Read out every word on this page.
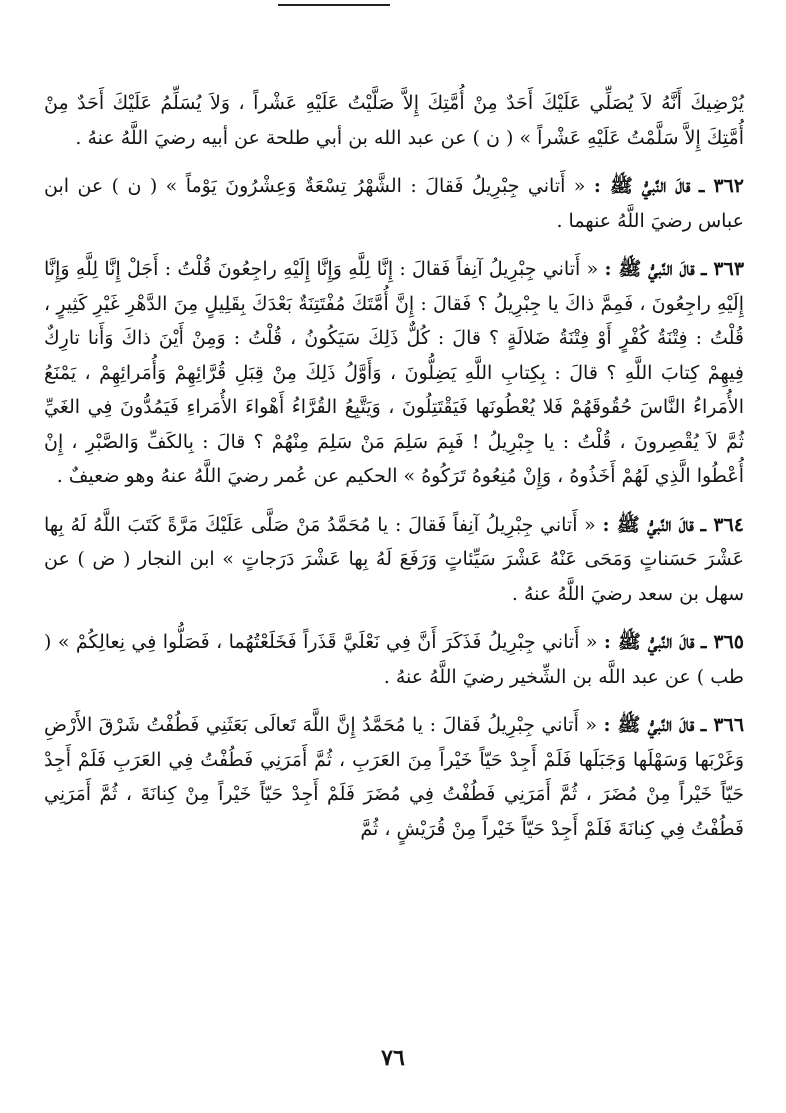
يُرْضِيكَ أَنَّهُ لاَ يُصَلِّي عَلَيْكَ أَحَدٌ مِنْ أُمَّتِكَ إِلاَّ صَلَّيْتُ عَلَيْهِ عَشْراً ، وَلاَ يُسَلِّمُ عَلَيْكَ أَحَدٌ مِنْ أُمَّتِكَ إِلاَّ سَلَّمْتُ عَلَيْهِ عَشْراً » ( ن ) عن عبد الله بن أبي طلحة عن أبيه رضيَ اللَّهُ عنهُ .

٣٦٢ ـ قالَ النَّبيُّ ﷺ : « أَتاني جِبْرِيلُ فَقالَ : الشَّهْرُ تِسْعَةٌ وَعِشْرُونَ يَوْماً » ( ن ) عن ابن عباس رضيَ اللَّهُ عنهما .

٣٦٣ ـ قالَ النَّبيُّ ﷺ : « أَتاني جِبْرِيلُ آنِفاً فَقالَ : إِنَّا لِلَّهِ وَإِنَّا إِلَيْهِ راجِعُونَ قُلْتُ : أَجَلْ إِنَّا لِلَّهِ وَإِنَّا إِلَيْهِ راجِعُونَ ، فَمِمَّ ذاكَ يا جِبْرِيلُ ؟ فَقالَ : إِنَّ أُمَّتَكَ مُفْتَتِنَةٌ بَعْدَكَ بِقَلِيلٍ مِنَ الدَّهْرِ غَيْرِ كَثِيرٍ ، قُلْتُ : فِتْنَةُ كُفْرٍ أَوْ فِتْنَةُ ضَلالَةٍ ؟ قالَ : كُلٌّ ذَلِكَ سَيَكُونُ ، قُلْتُ : وَمِنْ أَيْنَ ذاكَ وَأَنا تارِكٌ فِيهِمْ كِتابَ اللَّهِ ؟ قالَ : بِكِتابِ اللَّهِ يَضِلُّونَ ، وَأَوَّلُ ذَلِكَ مِنْ قِبَلِ قُرَّائِهِمْ وَأُمَرائِهِمْ ، يَمْنَعُ الأُمَراءُ النَّاسَ حُقُوقَهُمْ فَلا يُعْطُونَها فَيَقْتَتِلُونَ ، وَيَتَّبِعُ القُرَّاءُ أَهْواءَ الأُمَراءِ فَيَمُدُّونَ فِي الغَيِّ ثُمَّ لاَ يُقْصِرونَ ، قُلْتُ : يا جِبْرِيلُ ! فَبِمَ سَلِمَ مَنْ سَلِمَ مِنْهُمْ ؟ قالَ : بِالكَفِّ وَالصَّبْرِ ، إِنْ أُعْطُوا الَّذِي لَهُمْ أَخَذُوهُ ، وَإِنْ مُنِعُوهُ تَرَكُوهُ » الحكيم عن عُمر رضيَ اللَّهُ عنهُ وهو ضعيفٌ .

٣٦٤ ـ قالَ النَّبيُّ ﷺ : « أَتاني جِبْرِيلُ آنِفاً فَقالَ : يا مُحَمَّدُ مَنْ صَلَّى عَلَيْكَ مَرَّةً كَتَبَ اللَّهُ لَهُ بِها عَشْرَ حَسَناتٍ وَمَحَى عَنْهُ عَشْرَ سَيِّئاتٍ وَرَفَعَ لَهُ بِها عَشْرَ دَرَجاتٍ » ابن النجار ( ض ) عن سهل بن سعد رضيَ اللَّهُ عنهُ .

٣٦٥ ـ قالَ النَّبيُّ ﷺ : « أَتاني جِبْرِيلُ فَذَكَرَ أَنَّ فِي نَعْلَيَّ قَذَراً فَخَلَعْتُهُما ، فَصَلُّوا فِي نِعالِكُمْ » ( طب ) عن عبد اللَّه بن الشِّخير رضيَ اللَّهُ عنهُ .

٣٦٦ ـ قالَ النَّبيُّ ﷺ : « أَتاني جِبْرِيلُ فَقالَ : يا مُحَمَّدُ إِنَّ اللَّهَ تَعالَى بَعَثَنِي فَطُفْتُ شَرْقَ الأَرْضِ وَغَرْبَها وَسَهْلَها وَجَبَلَها فَلَمْ أَجِدْ حَيّاً خَيْراً مِنَ العَرَبِ ، ثُمَّ أَمَرَنِي فَطُفْتُ فِي العَرَبِ فَلَمْ أَجِدْ حَيّاً خَيْراً مِنْ مُضَرَ ، ثُمَّ أَمَرَنِي فَطُفْتُ فِي مُضَرَ فَلَمْ أَجِدْ حَيّاً خَيْراً مِنْ كِنانَةَ ، ثُمَّ أَمَرَنِي فَطُفْتُ فِي كِنانَةَ فَلَمْ أَجِدْ حَيّاً خَيْراً مِنْ قُرَيْشٍ ، ثُمَّ

٧٦
